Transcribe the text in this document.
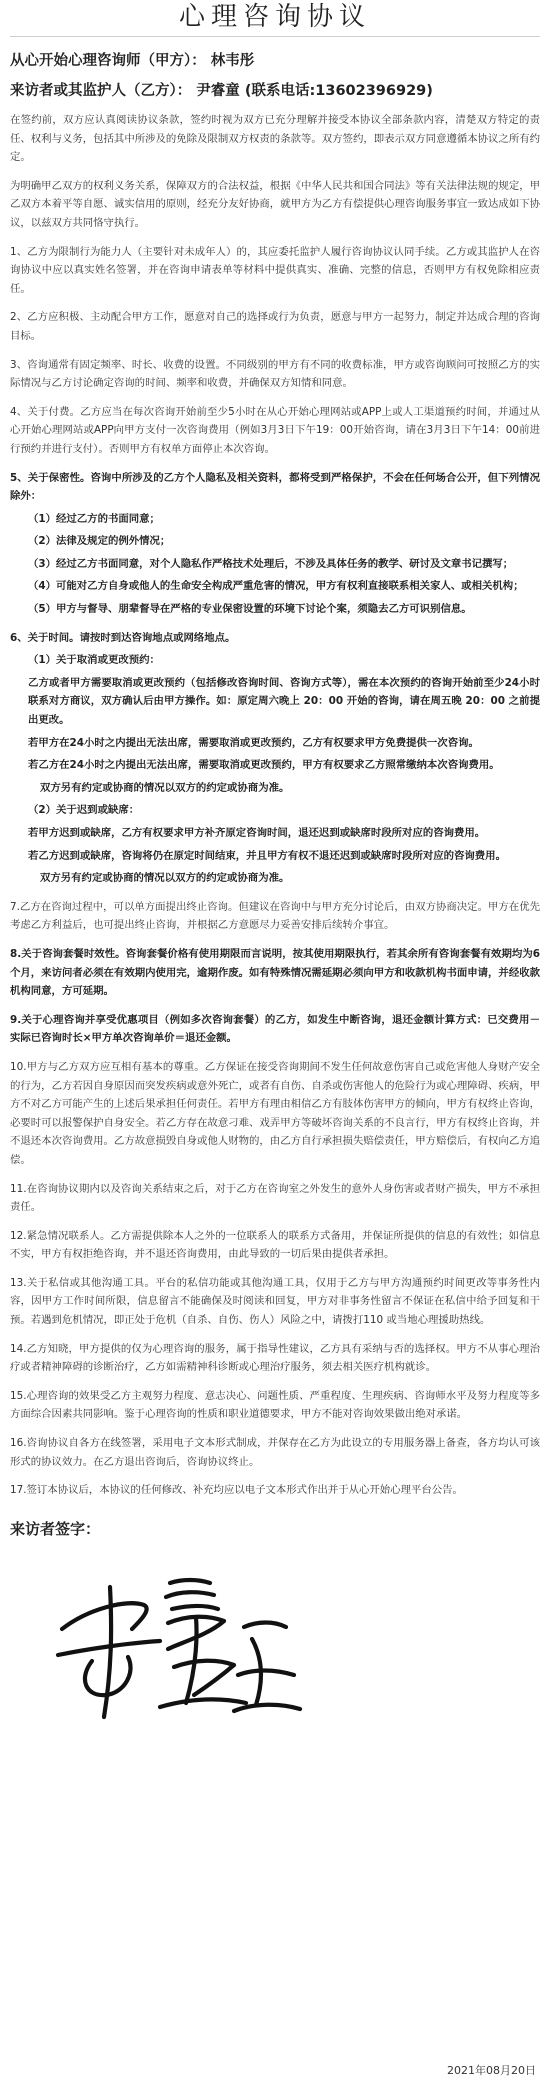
心理咨询协议
从心开始心理咨询师（甲方）： 林韦彤
来访者或其监护人（乙方）： 尹睿童 (联系电话:13602396929)

在签约前，双方应认真阅读协议条款，签约时视为双方已充分理解并接受本协议全部条款内容，清楚双方特定的责任、权利与义务，包括其中所涉及的免除及限制双方权责的条款等。双方签约，即表示双方同意遵循本协议之所有约定。

为明确甲乙双方的权利义务关系，保障双方的合法权益，根据《中华人民共和国合同法》等有关法律法规的规定，甲乙双方本着平等自愿、诚实信用的原则，经充分友好协商，就甲方为乙方有偿提供心理咨询服务事宜一致达成如下协议，以兹双方共同恪守执行。

1、乙方为限制行为能力人（主要针对未成年人）的，其应委托监护人履行咨询协议认同手续。乙方或其监护人在咨询协议中应以真实姓名签署，并在咨询申请表单等材料中提供真实、准确、完整的信息，否则甲方有权免除相应责任。

2、乙方应积极、主动配合甲方工作，愿意对自己的选择或行为负责，愿意与甲方一起努力，制定并达成合理的咨询目标。

3、咨询通常有固定频率、时长、收费的设置。不同级别的甲方有不同的收费标准，甲方或咨询顾问可按照乙方的实际情况与乙方讨论确定咨询的时间、频率和收费，并确保双方知情和同意。

4、关于付费。乙方应当在每次咨询开始前至少5小时在从心开始心理网站或APP上或人工渠道预约时间，并通过从心开始心理网站或APP向甲方支付一次咨询费用（例如3月3日下午19：00开始咨询，请在3月3日下午14：00前进行预约并进行支付）。否则甲方有权单方面停止本次咨询。

5、关于保密性。咨询中所涉及的乙方个人隐私及相关资料，都将受到严格保护，不会在任何场合公开，但下列情况除外：

（1）经过乙方的书面同意；

（2）法律及规定的例外情况；

（3）经过乙方书面同意，对个人隐私作严格技术处理后，不涉及具体任务的教学、研讨及文章书记撰写；

（4）可能对乙方自身或他人的生命安全构成严重危害的情况，甲方有权利直接联系相关家人、或相关机构；

（5）甲方与督导、朋辈督导在严格的专业保密设置的环境下讨论个案，须隐去乙方可识别信息。

6、关于时间。请按时到达咨询地点或网络地点。

（1）关于取消或更改预约：

乙方或者甲方需要取消或更改预约（包括修改咨询时间、咨询方式等），需在本次预约的咨询开始前至少24小时联系对方商议，双方确认后由甲方操作。如：原定周六晚上 20：00 开始的咨询，请在周五晚 20：00 之前提出更改。

若甲方在24小时之内提出无法出席，需要取消或更改预约，乙方有权要求甲方免费提供一次咨询。

若乙方在24小时之内提出无法出席，需要取消或更改预约，甲方有权要求乙方照常缴纳本次咨询费用。

双方另有约定或协商的情况以双方的约定或协商为准。

（2）关于迟到或缺席：

若甲方迟到或缺席，乙方有权要求甲方补齐原定咨询时间，退还迟到或缺席时段所对应的咨询费用。

若乙方迟到或缺席，咨询将仍在原定时间结束，并且甲方有权不退还迟到或缺席时段所对应的咨询费用。

双方另有约定或协商的情况以双方的约定或协商为准。

7.乙方在咨询过程中，可以单方面提出终止咨询。但建议在咨询中与甲方充分讨论后，由双方协商决定。甲方在优先考虑乙方利益后，也可提出终止咨询，并根据乙方意愿尽力妥善安排后续转介事宜。

8.关于咨询套餐时效性。咨询套餐价格有使用期限而言说明，按其使用期限执行，若其余所有咨询套餐有效期均为6个月，来访问者必须在有效期内使用完，逾期作废。如有特殊情况需延期必须向甲方和收款机构书面申请，并经收款机构同意，方可延期。

9.关于心理咨询并享受优惠项目（例如多次咨询套餐）的乙方，如发生中断咨询，退还金额计算方式：已交费用－实际已咨询时长×甲方单次咨询单价＝退还金额。

10.甲方与乙方双方应互相有基本的尊重。乙方保证在接受咨询期间不发生任何故意伤害自己或危害他人身财产安全的行为，乙方若因自身原因而突发疾病或意外死亡，或者有自伤、自杀或伤害他人的危险行为或心理障碍、疾病，甲方不对乙方可能产生的上述后果承担任何责任。若甲方有理由相信乙方有肢体伤害甲方的倾向，甲方有权终止咨询，必要时可以报警保护自身安全。若乙方存在故意刁难、戏弄甲方等破坏咨询关系的不良言行，甲方有权终止咨询，并不退还本次咨询费用。乙方故意损毁自身或他人财物的，由乙方自行承担损失赔偿责任，甲方赔偿后，有权向乙方追偿。

11.在咨询协议期内以及咨询关系结束之后，对于乙方在咨询室之外发生的意外人身伤害或者财产损失，甲方不承担责任。

12.紧急情况联系人。乙方需提供除本人之外的一位联系人的联系方式备用，并保证所提供的信息的有效性；如信息不实，甲方有权拒绝咨询，并不退还咨询费用，由此导致的一切后果由提供者承担。

13.关于私信或其他沟通工具。平台的私信功能或其他沟通工具，仅用于乙方与甲方沟通预约时间更改等事务性内容，因甲方工作时间所限，信息留言不能确保及时阅读和回复，甲方对非事务性留言不保证在私信中给予回复和干预。若遇到危机情况，即正处于危机（自杀、自伤、伤人）风险之中，请拨打110 或当地心理援助热线。

14.乙方知晓，甲方提供的仅为心理咨询的服务，属于指导性建议，乙方具有采纳与否的选择权。甲方不从事心理治疗或者精神障碍的诊断治疗，乙方如需精神科诊断或心理治疗服务，须去相关医疗机构就诊。

15.心理咨询的效果受乙方主观努力程度、意志决心、问题性质、严重程度、生理疾病、咨询师水平及努力程度等多方面综合因素共同影响。鉴于心理咨询的性质和职业道德要求，甲方不能对咨询效果做出绝对承诺。

16.咨询协议自各方在线签署，采用电子文本形式制成，并保存在乙方为此设立的专用服务器上备查，各方均认可该形式的协议效力。在乙方退出咨询后，咨询协议终止。

17.签订本协议后，本协议的任何修改、补充均应以电子文本形式作出并于从心开始心理平台公告。

来访者签字：
2021年08月20日
